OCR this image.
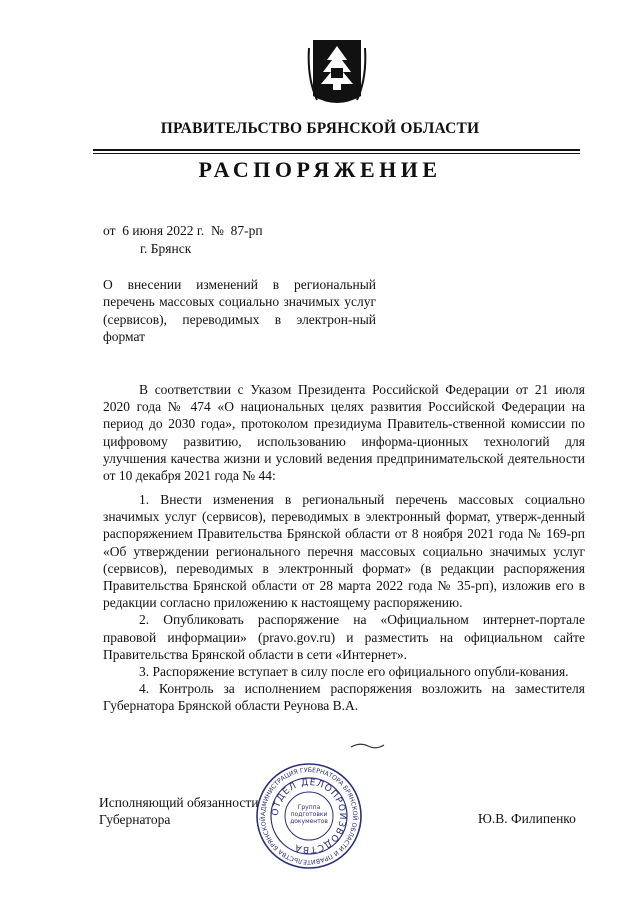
ПРАВИТЕЛЬСТВО БРЯНСКОЙ ОБЛАСТИ
РАСПОРЯЖЕНИЕ
от  6 июня 2022 г.  №  87-рп
г. Брянск
О внесении изменений в региональный перечень массовых социально значимых услуг (сервисов), переводимых в электрон-ный формат
В соответствии с Указом Президента Российской Федерации от 21 июля 2020 года № 474 «О национальных целях развития Российской Федерации на период до 2030 года», протоколом президиума Правитель-ственной комиссии по цифровому развитию, использованию информа-ционных технологий для улучшения качества жизни и условий ведения предпринимательской деятельности от 10 декабря 2021 года № 44:

1. Внести изменения в региональный перечень массовых социально значимых услуг (сервисов), переводимых в электронный формат, утверж-денный распоряжением Правительства Брянской области от 8 ноября 2021 года № 169-рп «Об утверждении регионального перечня массовых социально значимых услуг (сервисов), переводимых в электронный формат» (в редакции распоряжения Правительства Брянской области от 28 марта 2022 года № 35-рп), изложив его в редакции согласно приложению к настоящему распоряжению.

2. Опубликовать распоряжение на «Официальном интернет-портале правовой информации» (pravo.gov.ru) и разместить на официальном сайте Правительства Брянской области в сети «Интернет».

3. Распоряжение вступает в силу после его официального опубли-кования.

4. Контроль за исполнением распоряжения возложить на заместителя Губернатора Брянской области Реунова В.А.

АДМИНИСТРАЦИЯ ГУБЕРНАТОРА БРЯНСКОЙ ОБЛАСТИ И ПРАВИТЕЛЬСТВА БРЯНСКОЙ
ОТДЕЛ ДЕЛОПРОИЗВОДСТВА
Группа подготовки документов
Исполняющий обязанности
Губернатора	Ю.В. Филипенко
